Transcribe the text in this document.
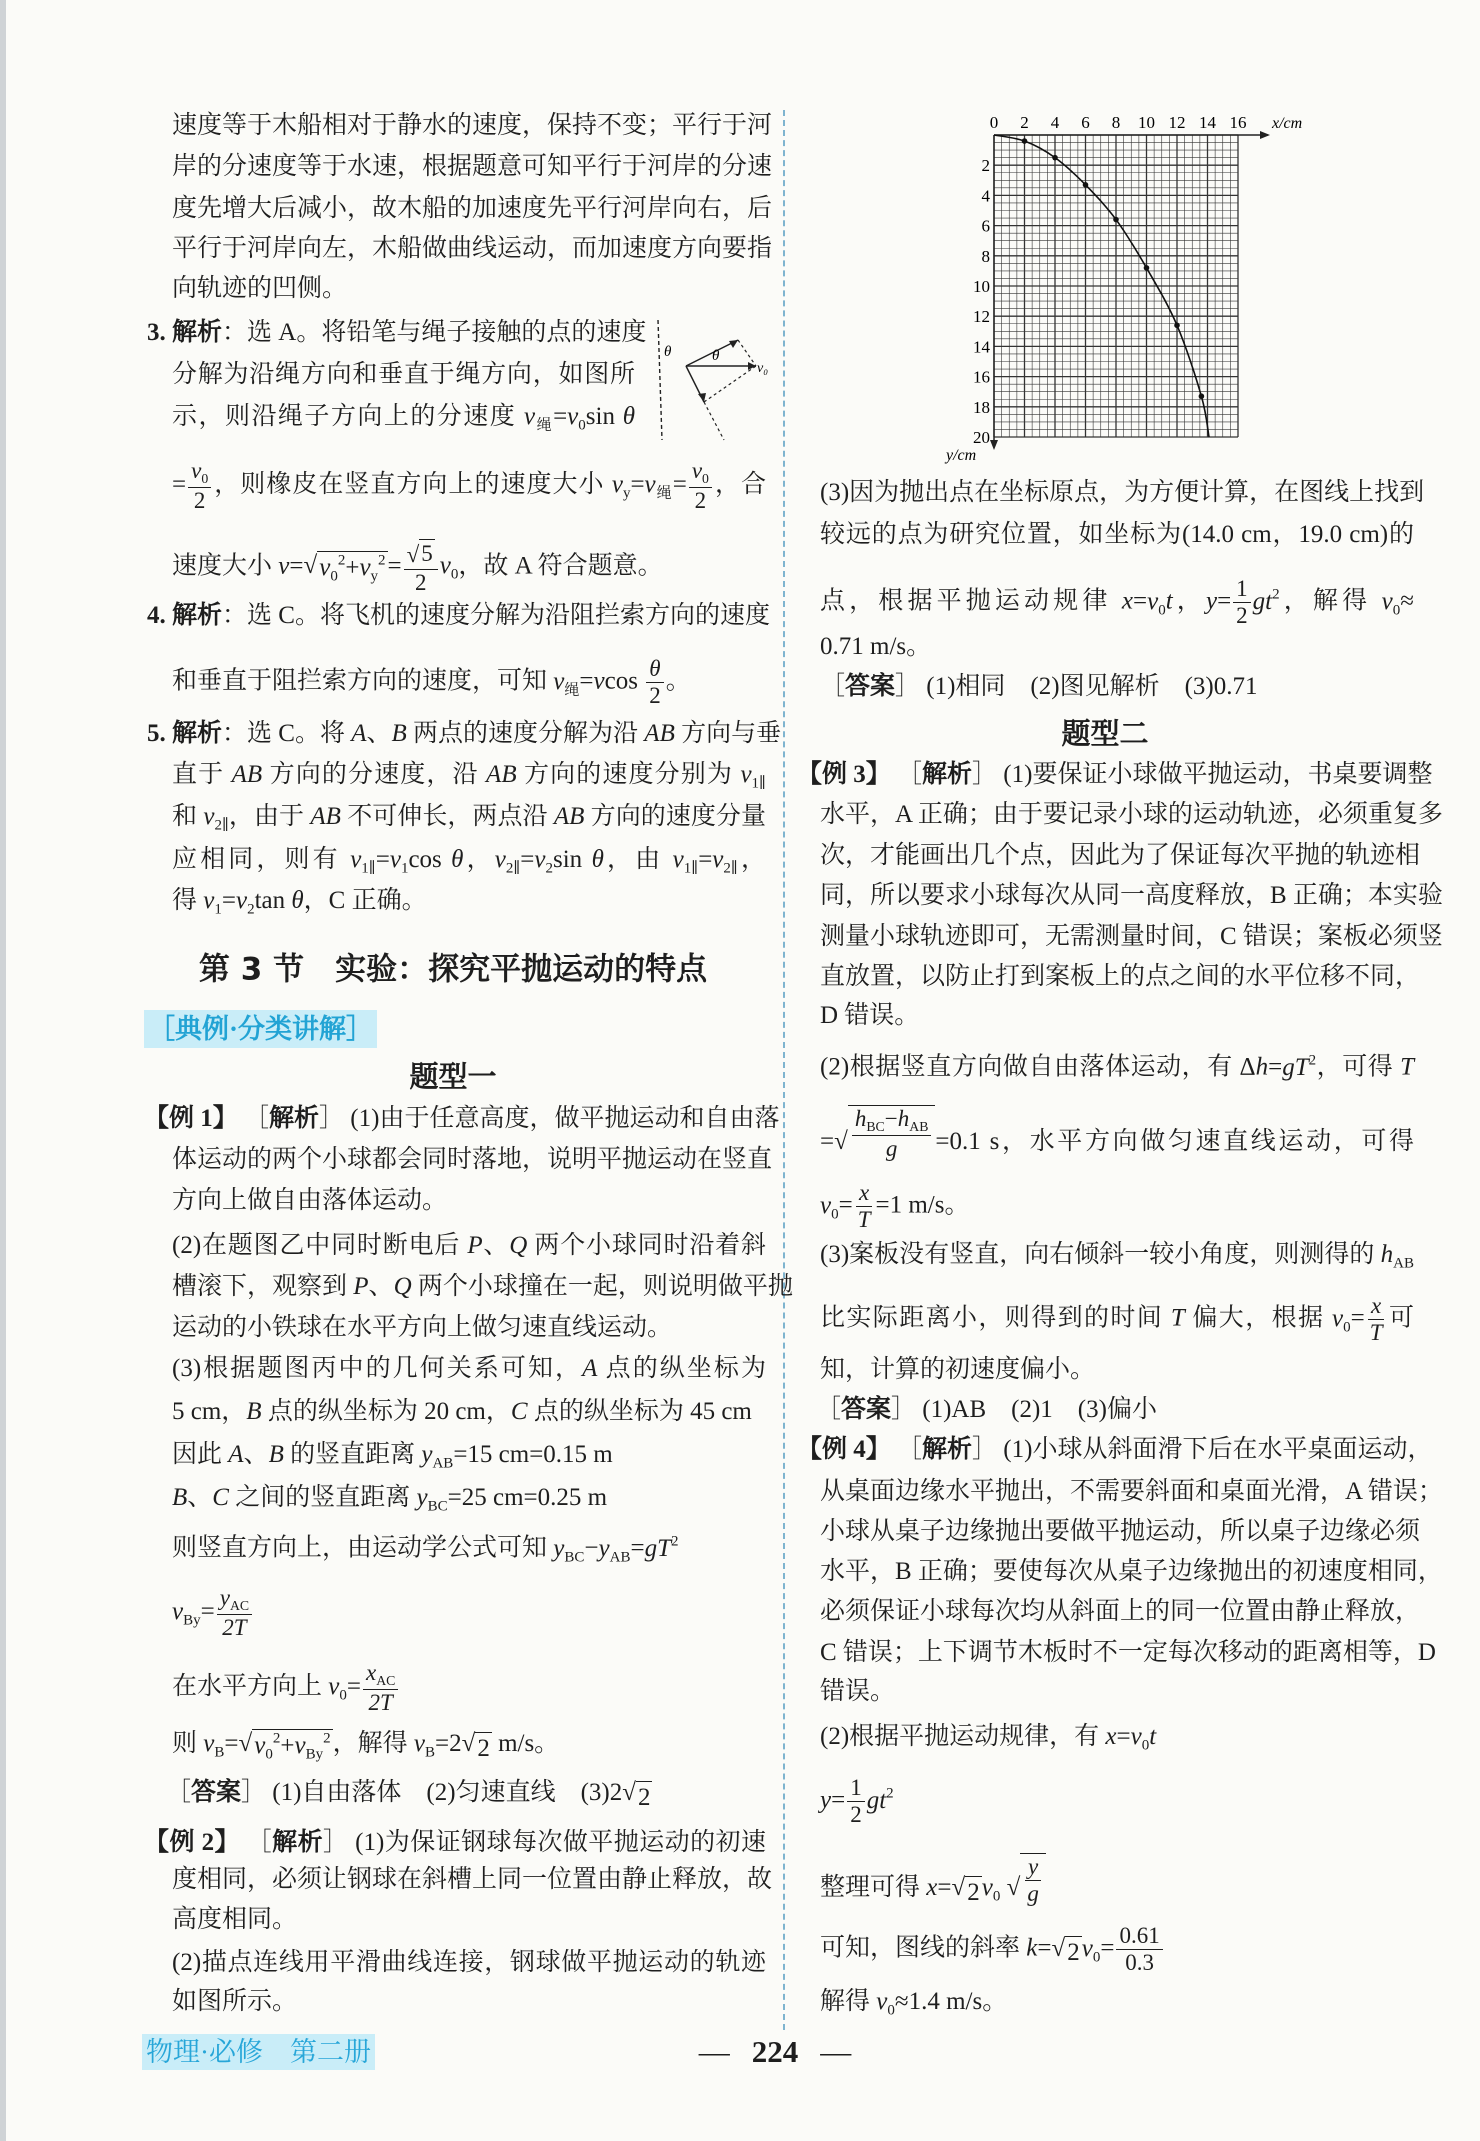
速度等于木船相对于静水的速度，保持不变；平行于河
岸的分速度等于水速，根据题意可知平行于河岸的分速
度先增大后减小，故木船的加速度先平行河岸向右，后
平行于河岸向左，木船做曲线运动，而加速度方向要指
向轨迹的凹侧。
3. 解析：选 A。将铅笔与绳子接触的点的速度
分解为沿绳方向和垂直于绳方向，如图所
示，则沿绳子方向上的分速度 $v_绳=v_0\sin$ θ
θ
v₀
θ
= $\frac{v_0}{2}$ ，则橡皮在竖直方向上的速度大小 $v_y=v_绳= \frac{v_0}{2}$ ，合
速度大小 v= √ $v_0^2+v_y^2 = \frac{√ 5}{2} v_0$，故 A 符合题意。
4. 解析：选 C。将飞机的速度分解为沿阻拦索方向的速度
和垂直于阻拦索方向的速度，可知 $v_绳=vcos \frac{\theta}{2}$ 。
5. 解析：选 C。将 A、B 两点的速度分解为沿 AB 方向与垂
直于 AB 方向的分速度，沿 AB 方向的速度分别为 $v_{1\parallel}$
和 $v_{2\parallel}$，由于 AB 不可伸长，两点沿 AB 方向的速度分量
应相同，则有 $v_{1\parallel}=v_1\cos$ θ，$v_{2\parallel}=v_2\sin$ θ，由 $v_{1\parallel}=v_{2\parallel}$，
得 $v_1=v_2\tan$ θ，C 正确。
第 3 节　实验：探究平抛运动的特点
［典例·分类讲解］
题型一
【例 1】 ［解析］ (1)由于任意高度，做平抛运动和自由落
体运动的两个小球都会同时落地，说明平抛运动在竖直
方向上做自由落体运动。
(2)在题图乙中同时断电后 P、Q 两个小球同时沿着斜
槽滚下，观察到 P、Q 两个小球撞在一起，则说明做平抛
运动的小铁球在水平方向上做匀速直线运动。
(3)根据题图丙中的几何关系可知，A 点的纵坐标为
5 cm，B 点的纵坐标为 20 cm，C 点的纵坐标为 45 cm
因此 A、B 的竖直距离 $y_{AB}=15$ cm=0.15 m
B、C 之间的竖直距离 $y_{BC}=25$ cm=0.25 m
则竖直方向上，由运动学公式可知 $y_{BC}-y_{AB}=gT^2$
$v_{By}= \frac{y_{AC}}{2T}$
在水平方向上 $v_0= \frac{x_{AC}}{2T}$
则 $v_B=$ √ $v_0^2+v_{By}^2$ ，解得 $v_B=2$ √ 2 m/s。
［答案］ (1)自由落体　(2)匀速直线　(3)2 √ 2
【例 2】 ［解析］ (1)为保证钢球每次做平抛运动的初速
度相同，必须让钢球在斜槽上同一位置由静止释放，故
高度相同。
(2)描点连线用平滑曲线连接，钢球做平抛运动的轨迹
如图所示。
0 2 4 6 8 10 12 14 16
2
4
6
8
10
12
14
16
18
20
x/cm
y/cm
(3)因为抛出点在坐标原点，为方便计算，在图线上找到
较远的点为研究位置，如坐标为(14.0 cm，19.0 cm)的
点，根据平抛运动规律 $x=v_0t$，$y= \frac{1}{2} gt^2$，解得 $v_0\approx$
0.71 m/s。
［答案］ (1)相同　(2)图见解析　(3)0.71
题型二
【例 3】 ［解析］ (1)要保证小球做平抛运动，书桌要调整
水平，A 正确；由于要记录小球的运动轨迹，必须重复多
次，才能画出几个点，因此为了保证每次平抛的轨迹相
同，所以要求小球每次从同一高度释放，B 正确；本实验
测量小球轨迹即可，无需测量时间，C 错误；案板必须竖
直放置，以防止打到案板上的点之间的水平位移不同，
D 错误。
(2)根据竖直方向做自由落体运动，有 $\Delta h=gT^2$，可得 T
= √ $\frac{h_{BC}-h_{AB}}{g} =0.1$ s，水平方向做匀速直线运动，可得
$v_0= \frac{x}{T} =1$ m/s。
(3)案板没有竖直，向右倾斜一较小角度，则测得的 $h_{AB}$
比实际距离小，则得到的时间 T 偏大，根据 $v_0= \frac{x}{T}$ 可
知，计算的初速度偏小。
［答案］ (1)AB　(2)1　(3)偏小
【例 4】 ［解析］ (1)小球从斜面滑下后在水平桌面运动，
从桌面边缘水平抛出，不需要斜面和桌面光滑，A 错误；
小球从桌子边缘抛出要做平抛运动，所以桌子边缘必须
水平，B 正确；要使每次从桌子边缘抛出的初速度相同，
必须保证小球每次均从斜面上的同一位置由静止释放，
C 错误；上下调节木板时不一定每次移动的距离相等，D
错误。
(2)根据平抛运动规律，有 $x=v_0t$
$y= \frac{1}{2} gt^2$
整理可得 x= √ 2 $v_0$ √ $\frac{y}{g}$
可知，图线的斜率 k= √ 2 $v_0= \frac{0.61}{0.3}$
解得 $v_0\approx 1.4$ m/s。
物理·必修　第二册	— 224 —
